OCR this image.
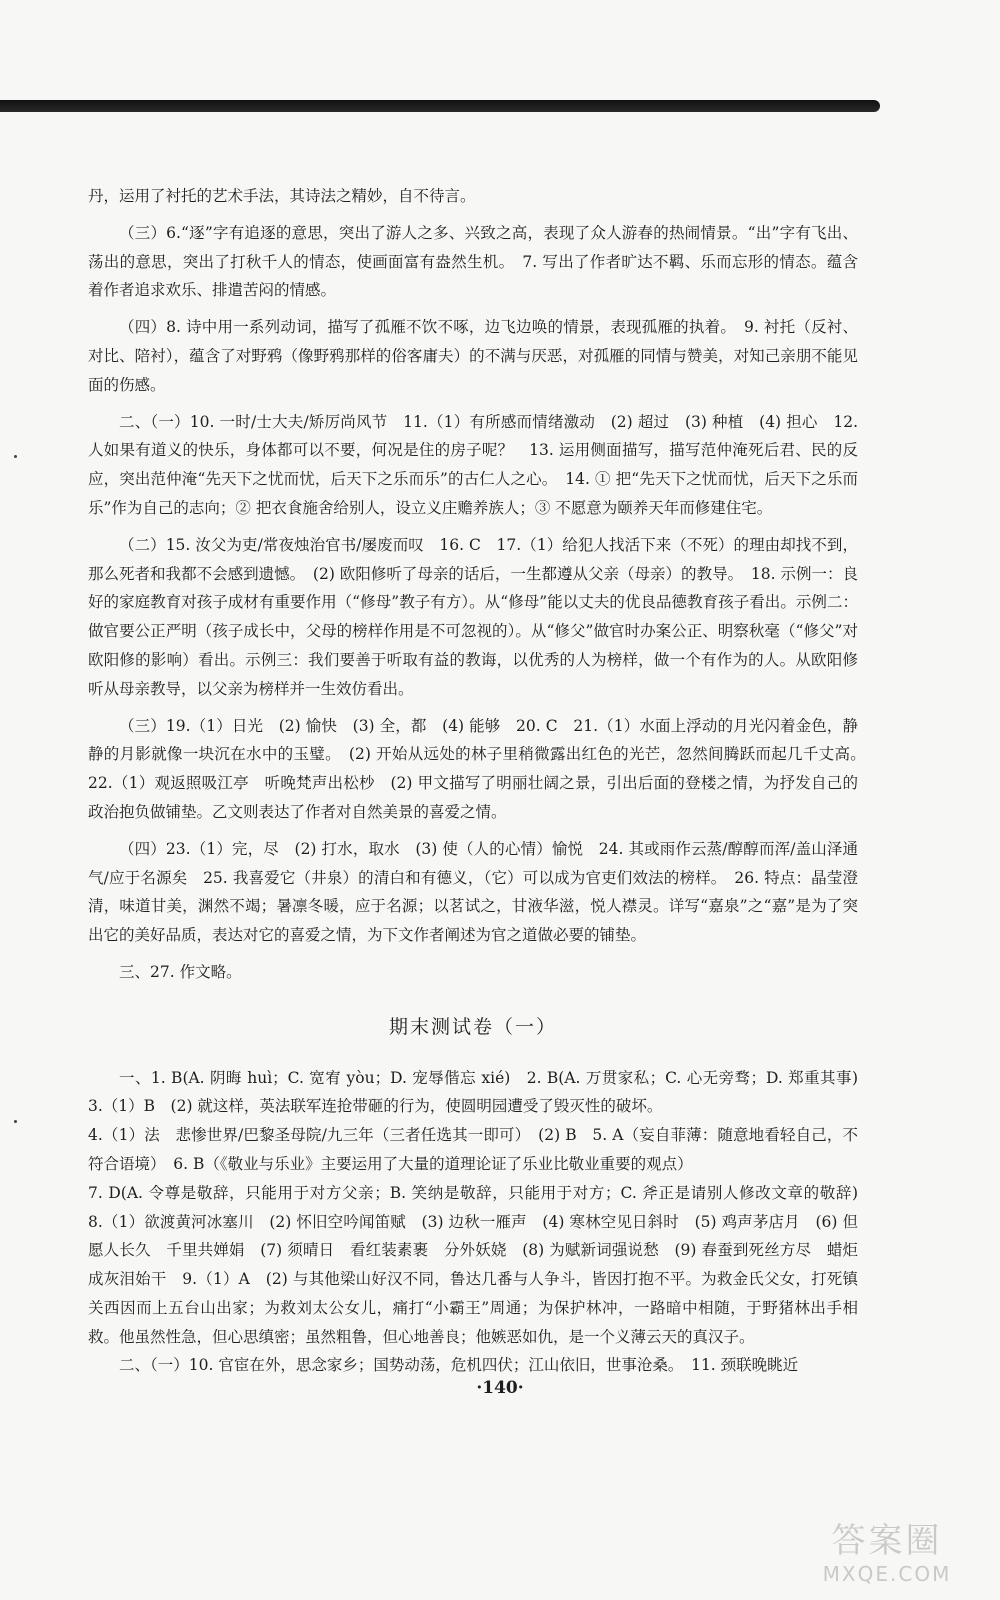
丹，运用了衬托的艺术手法，其诗法之精妙，自不待言。

（三）6.“逐”字有追逐的意思，突出了游人之多、兴致之高，表现了众人游春的热闹情景。“出”字有飞出、荡出的意思，突出了打秋千人的情态，使画面富有盎然生机。　7. 写出了作者旷达不羁、乐而忘形的情态。蕴含着作者追求欢乐、排遣苦闷的情感。

（四）8. 诗中用一系列动词，描写了孤雁不饮不啄，边飞边唤的情景，表现孤雁的执着。　9. 衬托（反衬、对比、陪衬），蕴含了对野鸦（像野鸦那样的俗客庸夫）的不满与厌恶，对孤雁的同情与赞美，对知己亲朋不能见面的伤感。

二、（一）10. 一时/士大夫/矫厉尚风节　11.（1）有所感而情绪激动　(2) 超过　(3) 种植　(4) 担心　12. 人如果有道义的快乐，身体都可以不要，何况是住的房子呢？　13. 运用侧面描写，描写范仲淹死后君、民的反应，突出范仲淹“先天下之忧而忧，后天下之乐而乐”的古仁人之心。　14. ① 把“先天下之忧而忧，后天下之乐而乐”作为自己的志向；② 把衣食施舍给别人，设立义庄赡养族人；③ 不愿意为颐养天年而修建住宅。

（二）15. 汝父为吏/常夜烛治官书/屡废而叹　16. C　17.（1）给犯人找活下来（不死）的理由却找不到，那么死者和我都不会感到遗憾。　(2) 欧阳修听了母亲的话后，一生都遵从父亲（母亲）的教导。　18. 示例一：良好的家庭教育对孩子成材有重要作用（“修母”教子有方）。从“修母”能以丈夫的优良品德教育孩子看出。示例二：做官要公正严明（孩子成长中，父母的榜样作用是不可忽视的）。从“修父”做官时办案公正、明察秋毫（“修父”对欧阳修的影响）看出。示例三：我们要善于听取有益的教诲，以优秀的人为榜样，做一个有作为的人。从欧阳修听从母亲教导，以父亲为榜样并一生效仿看出。

（三）19.（1）日光　(2) 愉快　(3) 全，都　(4) 能够　20. C　21.（1）水面上浮动的月光闪着金色，静静的月影就像一块沉在水中的玉璧。　(2) 开始从远处的林子里稍微露出红色的光芒，忽然间腾跃而起几千丈高。　22.（1）观返照吸江亭　听晚梵声出松杪　(2) 甲文描写了明丽壮阔之景，引出后面的登楼之情，为抒发自己的政治抱负做铺垫。乙文则表达了作者对自然美景的喜爱之情。

（四）23.（1）完，尽　(2) 打水，取水　(3) 使（人的心情）愉悦　24. 其或雨作云蒸/醇醇而浑/盖山泽通气/应于名源矣　25. 我喜爱它（井泉）的清白和有德义，（它）可以成为官吏们效法的榜样。　26. 特点：晶莹澄清，味道甘美，渊然不竭；暑凛冬暖，应于名源；以茗试之，甘液华滋，悦人襟灵。详写“嘉泉”之“嘉”是为了突出它的美好品质，表达对它的喜爱之情，为下文作者阐述为官之道做必要的铺垫。

三、27. 作文略。

期末测试卷（一）

一、1. B(A. 阴晦 huì；C. 宽宥 yòu；D. 宠辱偕忘 xié)　2. B(A. 万贯家私；C. 心无旁骛；D. 郑重其事)　3.（1）B　(2) 就这样，英法联军连抢带砸的行为，使圆明园遭受了毁灭性的破坏。

4.（1）法　悲惨世界/巴黎圣母院/九三年（三者任选其一即可）　(2) B　5. A（妄自菲薄：随意地看轻自己，不符合语境）　6. B（《敬业与乐业》主要运用了大量的道理论证了乐业比敬业重要的观点）

7. D(A. 令尊是敬辞，只能用于对方父亲；B. 笑纳是敬辞，只能用于对方；C. 斧正是请别人修改文章的敬辞)　8.（1）欲渡黄河冰塞川　(2) 怀旧空吟闻笛赋　(3) 边秋一雁声　(4) 寒林空见日斜时　(5) 鸡声茅店月　(6) 但愿人长久　千里共婵娟　(7) 须晴日　看红装素裹　分外妖娆　(8) 为赋新词强说愁　(9) 春蚕到死丝方尽　蜡炬成灰泪始干　9.（1）A　(2) 与其他梁山好汉不同，鲁达几番与人争斗，皆因打抱不平。为救金氏父女，打死镇关西因而上五台山出家；为救刘太公女儿，痛打“小霸王”周通；为保护林冲，一路暗中相随，于野猪林出手相救。他虽然性急，但心思缜密；虽然粗鲁，但心地善良；他嫉恶如仇，是一个义薄云天的真汉子。

二、（一）10. 官宦在外，思念家乡；国势动荡，危机四伏；江山依旧，世事沧桑。　11. 颈联晚眺近

·140·
答案圈
MXQE.COM
